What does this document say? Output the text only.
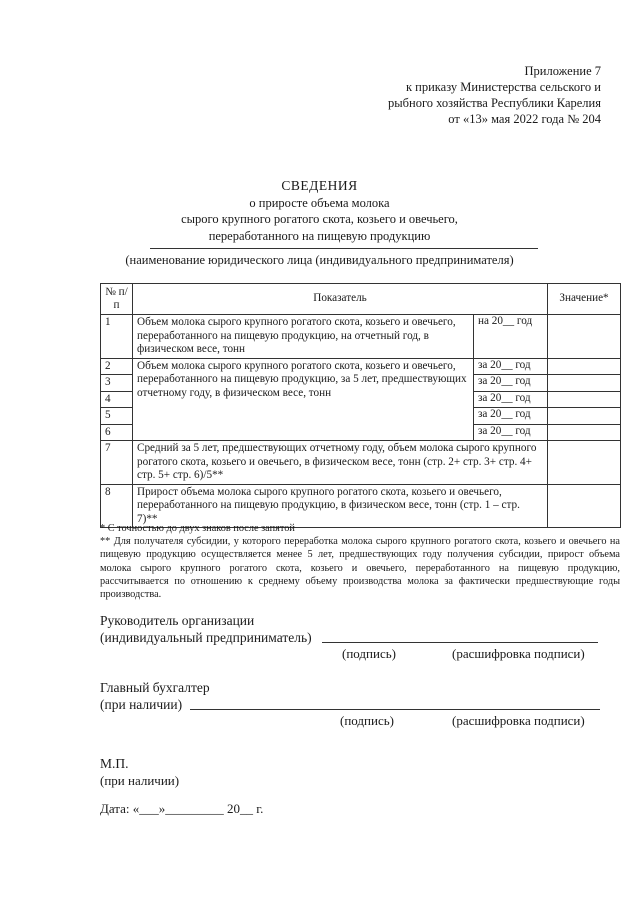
Приложение 7
к приказу Министерства сельского и
рыбного хозяйства Республики Карелия
от «13» мая 2022 года № 204
СВЕДЕНИЯ
о приросте объема молока
сырого крупного рогатого скота, козьего и овечьего,
переработанного на пищевую продукцию
(наименование юридического лица (индивидуального предпринимателя)
№ п/п	Показатель		Значение*
1	Объем молока сырого крупного рогатого скота, козьего и овечьего, переработанного на пищевую продукцию, на отчетный год, в физическом весе, тонн	на 20__ год	
2	Объем молока сырого крупного рогатого скота, козьего и овечьего, переработанного на пищевую продукцию, за 5 лет, предшествующих отчетному году, в физическом весе, тонн	за 20__ год	
3		за 20__ год	
4		за 20__ год	
5		за 20__ год	
6		за 20__ год	
7	Средний за 5 лет, предшествующих отчетному году, объем молока сырого крупного рогатого скота, козьего и овечьего, в физическом весе, тонн (стр. 2+ стр. 3+ стр. 4+ стр. 5+ стр. 6)/5**		
8	Прирост объема молока сырого крупного рогатого скота, козьего и овечьего, переработанного на пищевую продукцию, в физическом весе, тонн (стр. 1 – стр. 7)**		

* С точностью до двух знаков после запятой

** Для получателя субсидии, у которого переработка молока сырого крупного рогатого скота, козьего и овечьего на пищевую продукцию осуществляется менее 5 лет, предшествующих году получения субсидии, прирост объема молока сырого крупного рогатого скота, козьего и овечьего, переработанного на пищевую продукцию, рассчитывается по отношению к среднему объему производства молока за фактически предшествующие годы производства.

Руководитель организации
(индивидуальный предприниматель)
(подпись)	(расшифровка подписи)
Главный бухгалтер
(при наличии)
(подпись)	(расшифровка подписи)
М.П.
(при наличии)
Дата: «___»_________ 20__ г.
